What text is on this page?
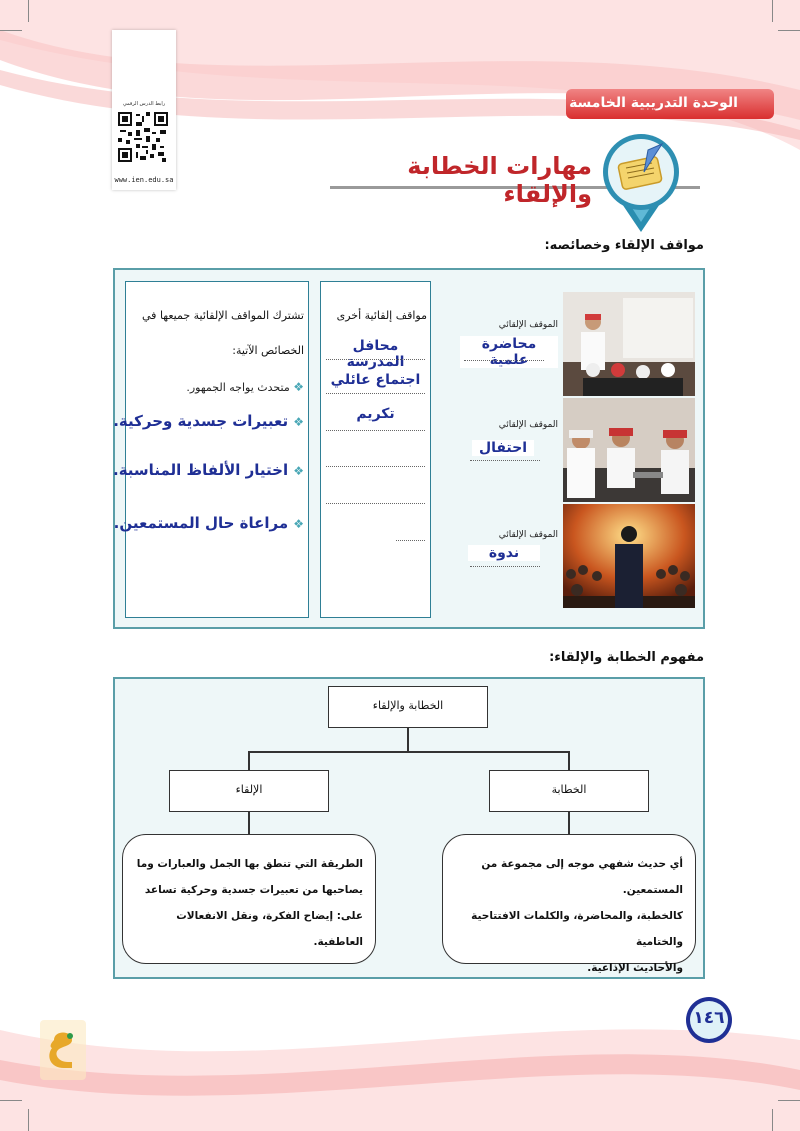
رابط الدرس الرقمي
www.ien.edu.sa
الوحدة التدريبية الخامسة
مهارات الخطابة والإلقاء
مواقف الإلقاء وخصائصه:
تشترك المواقف الإلقائية جميعها في
الخصائص الآتية:
❖ متحدث يواجه الجمهور.
❖ تعبيرات جسدية وحركية.
❖ اختيار الألفاظ المناسبة.
❖ مراعاة حال المستمعين.
مواقف إلقائية أخرى
محافل المدرسة
اجتماع عائلي
تكريم
الموقف الإلقائي
محاضرة علمية
الموقف الإلقائي
احتفال
الموقف الإلقائي
ندوة
مفهوم الخطابة والإلقاء:
الخطابة والإلقاء
الإلقاء	الخطابة
الطريقة التي تنطق بها الجمل والعبارات وما
يصاحبها من تعبيرات جسدية وحركية تساعد
على: إيضاح الفكرة، ونقل الانفعالات العاطفية.
أي حديث شفهي موجه إلى مجموعة من المستمعين.
كالخطبة، والمحاضرة، والكلمات الافتتاحية والختامية
والأحاديث الإذاعية.
١٤٦
